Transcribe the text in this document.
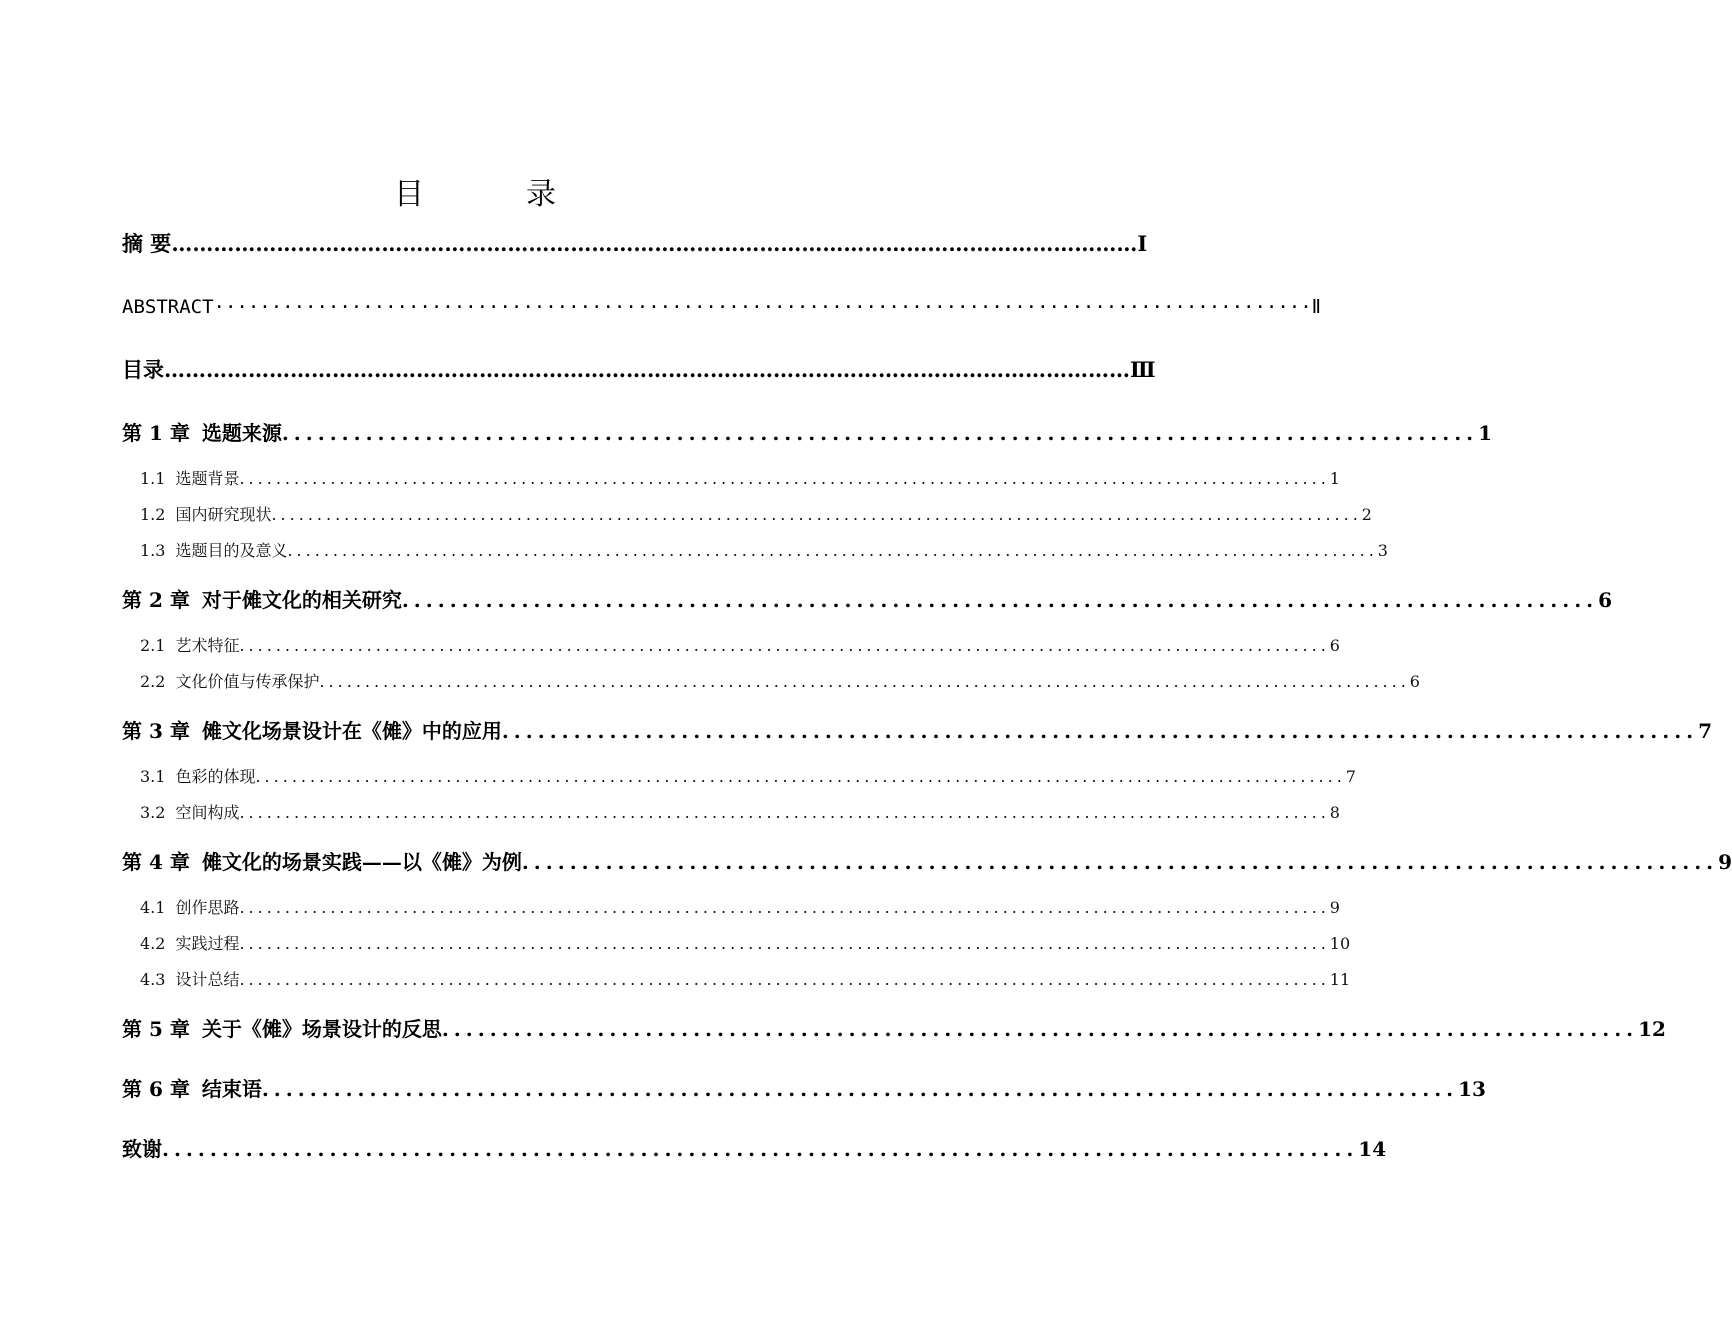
目　录
摘 要 ………………………………………………………………………………………………………………………… Ⅰ
ABSTRACT ································································································ Ⅱ
目录 ………………………………………………………………………………………………………………………… Ⅲ
第 1 章 选题来源 .................................................................................................... 1
1.1 选题背景 ........................................................................................................................ 1
1.2 国内研究现状 ........................................................................................................................ 2
1.3 选题目的及意义 ........................................................................................................................ 3
第 2 章 对于傩文化的相关研究 .................................................................................................... 6
2.1 艺术特征 ........................................................................................................................ 6
2.2 文化价值与传承保护 ........................................................................................................................ 6
第 3 章 傩文化场景设计在《傩》中的应用 .................................................................................................... 7
3.1 色彩的体现 ........................................................................................................................ 7
3.2 空间构成 ........................................................................................................................ 8
第 4 章 傩文化的场景实践——以《傩》为例 .................................................................................................... 9
4.1 创作思路 ........................................................................................................................ 9
4.2 实践过程 ........................................................................................................................ 10
4.3 设计总结 ........................................................................................................................ 11
第 5 章 关于《傩》场景设计的反思 .................................................................................................... 12
第 6 章 结束语 .................................................................................................... 13
致谢 .................................................................................................... 14
